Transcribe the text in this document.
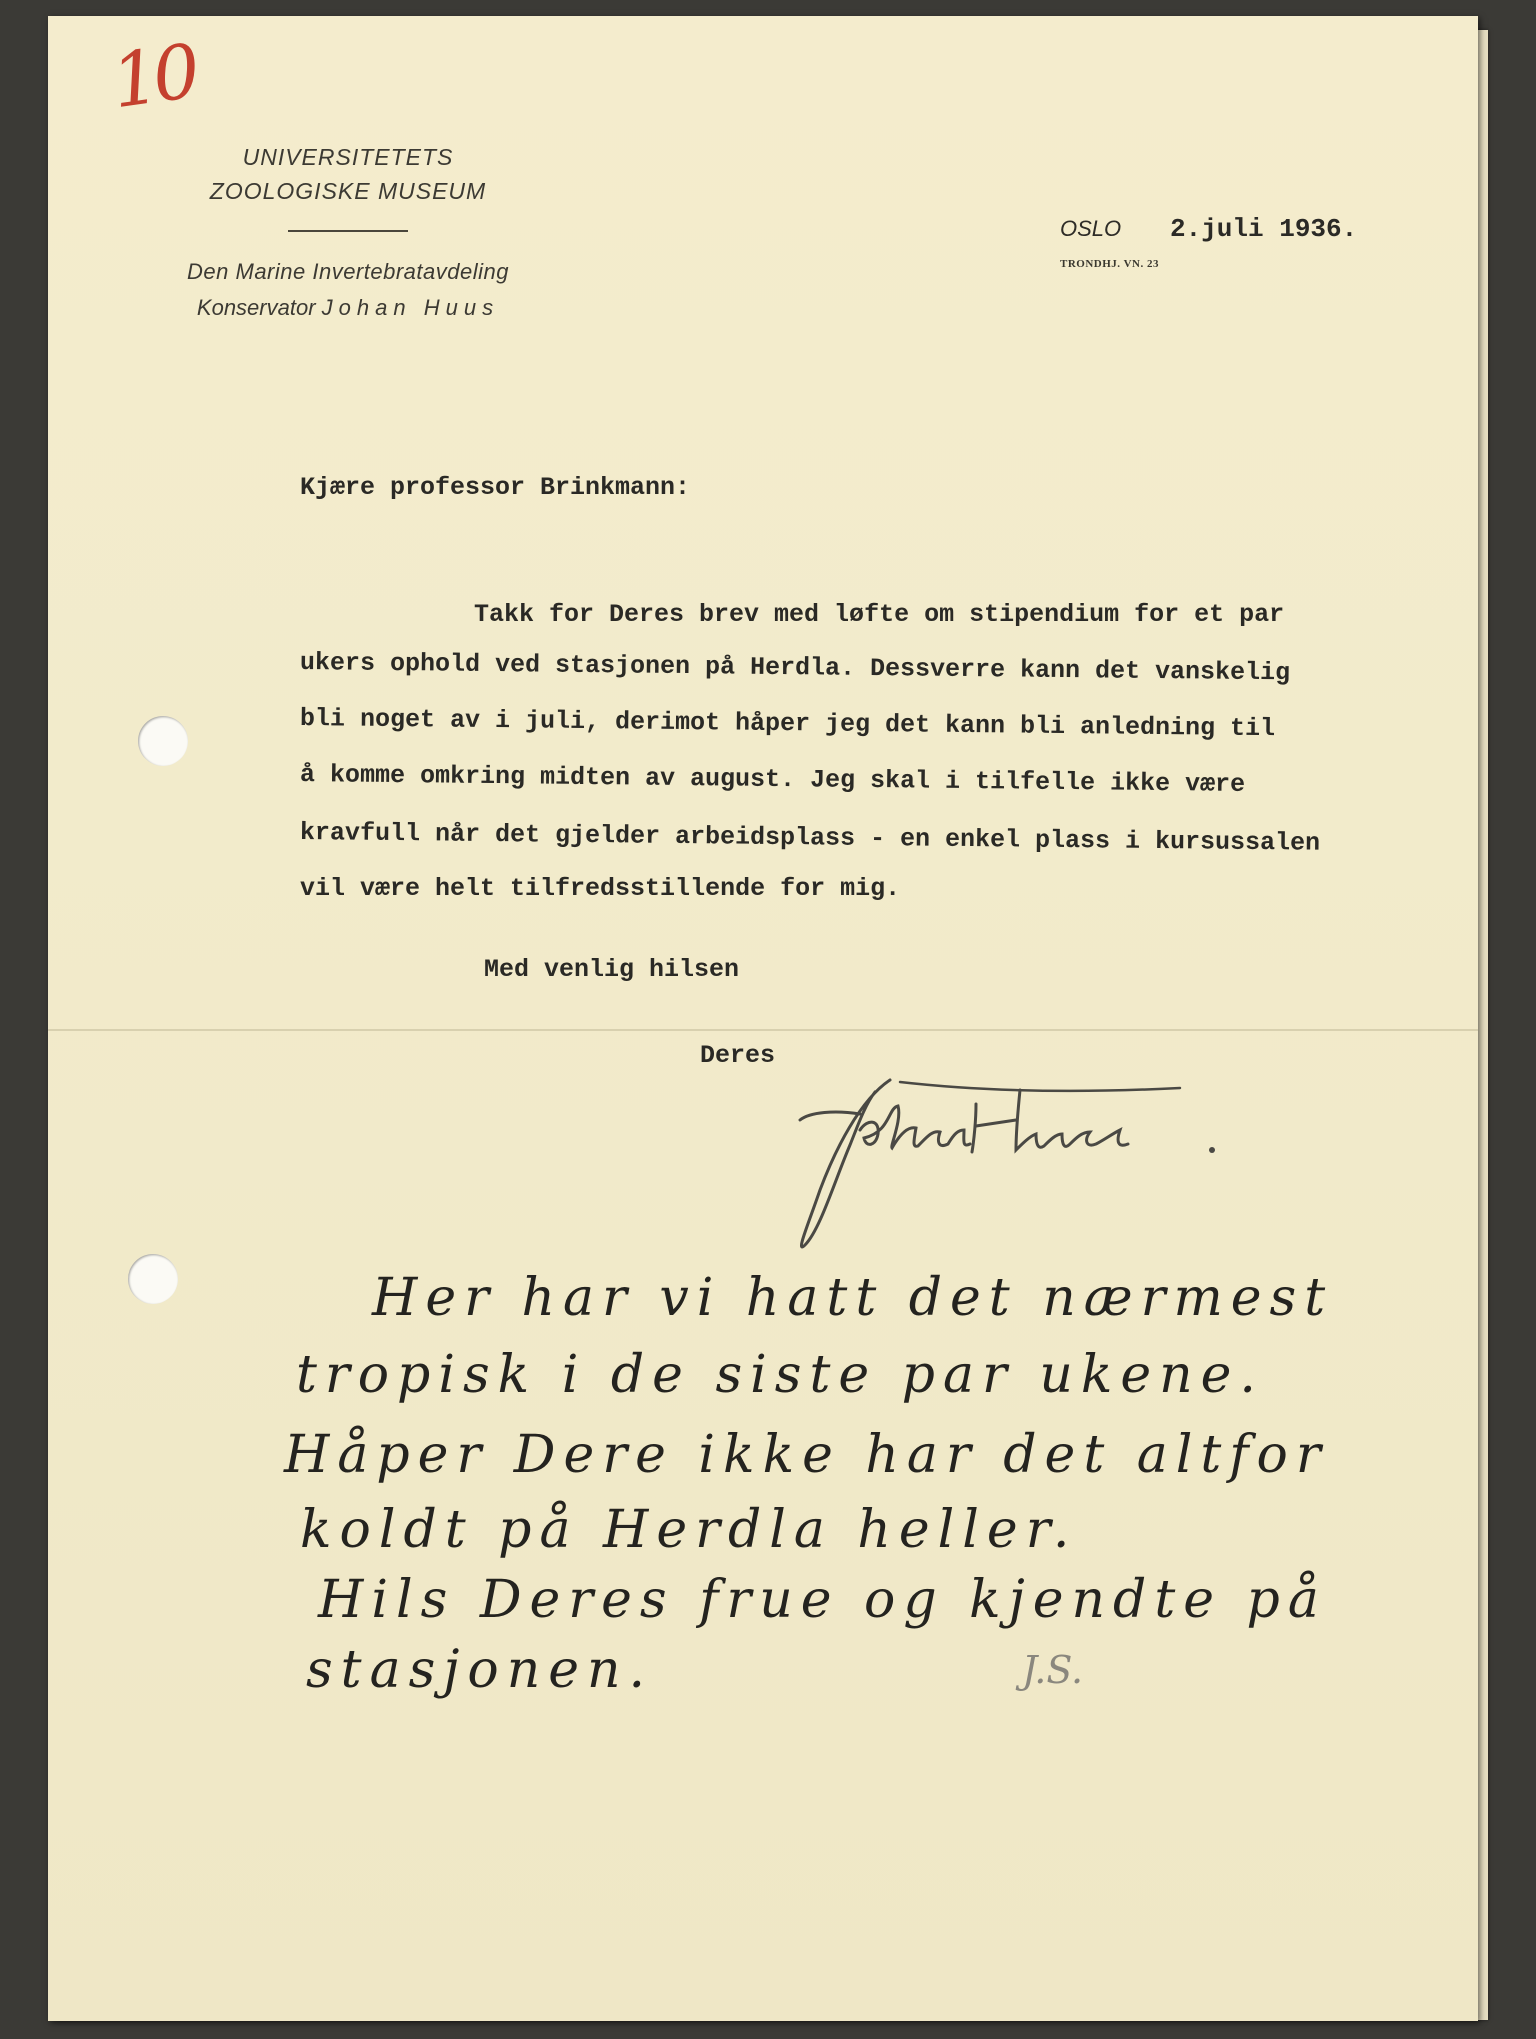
10
UNIVERSITETETS
ZOOLOGISKE MUSEUM
Den Marine Invertebratavdeling
Konservator Johan Huus
OSLO 2.juli 1936.
TRONDHJ. VN. 23
Kjære professor Brinkmann:
Takk for Deres brev med løfte om stipendium for et par
ukers ophold ved stasjonen på Herdla. Dessverre kann det vanskelig
bli noget av i juli, derimot håper jeg det kann bli anledning til
å komme omkring midten av august. Jeg skal i tilfelle ikke være
kravfull når det gjelder arbeidsplass - en enkel plass i kursussalen
vil være helt tilfredsstillende for mig.
Med venlig hilsen
Deres
Her har vi hatt det nærmest
tropisk i de siste par ukene.
Håper Dere ikke har det altfor
koldt på Herdla heller.
Hils Deres frue og kjendte på
stasjonen.	J.S.
